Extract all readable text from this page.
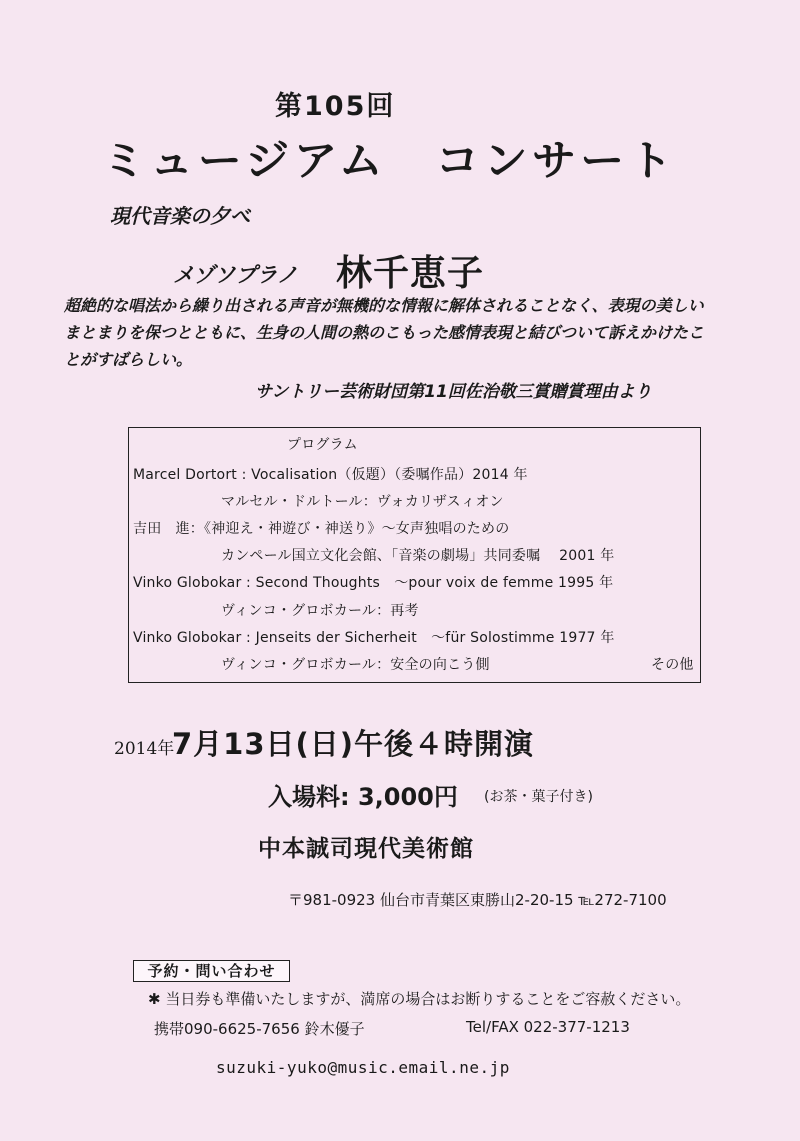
第105回
ミュージアム　コンサート
現代音楽の夕べ
メゾソプラノ 林千恵子
超絶的な唱法から繰り出される声音が無機的な情報に解体されることなく、表現の美しい
まとまりを保つとともに、生身の人間の熱のこもった感情表現と結びついて訴えかけたこ
とがすばらしい。
サントリー芸術財団第11回佐治敬三賞贈賞理由より
プログラム
Marcel Dortort : Vocalisation（仮題）（委嘱作品）2014 年
マルセル・ドルトール：ヴォカリザスィオン
吉田　進：《神迎え・神遊び・神送り》～女声独唱のための
カンペール国立文化会館、「音楽の劇場」共同委嘱　 2001 年
Vinko Globokar : Second Thoughts　～pour voix de femme 1995 年
ヴィンコ・グロボカール：再考
Vinko Globokar : Jenseits der Sicherheit　～für Solostimme 1977 年
ヴィンコ・グロボカール：安全の向こう側	その他
2014年
7月13日(日)午後４時開演
入場料: 3,000円 (お茶・菓子付き)
中本誠司現代美術館
〒981-0923 仙台市青葉区東勝山2-20-15 ℡272-7100
予約・問い合わせ
✱ 当日券も準備いたしますが、満席の場合はお断りすることをご容赦ください。
携帯090-6625-7656 鈴木優子	Tel/FAX 022-377-1213
suzuki-yuko@music.email.ne.jp
